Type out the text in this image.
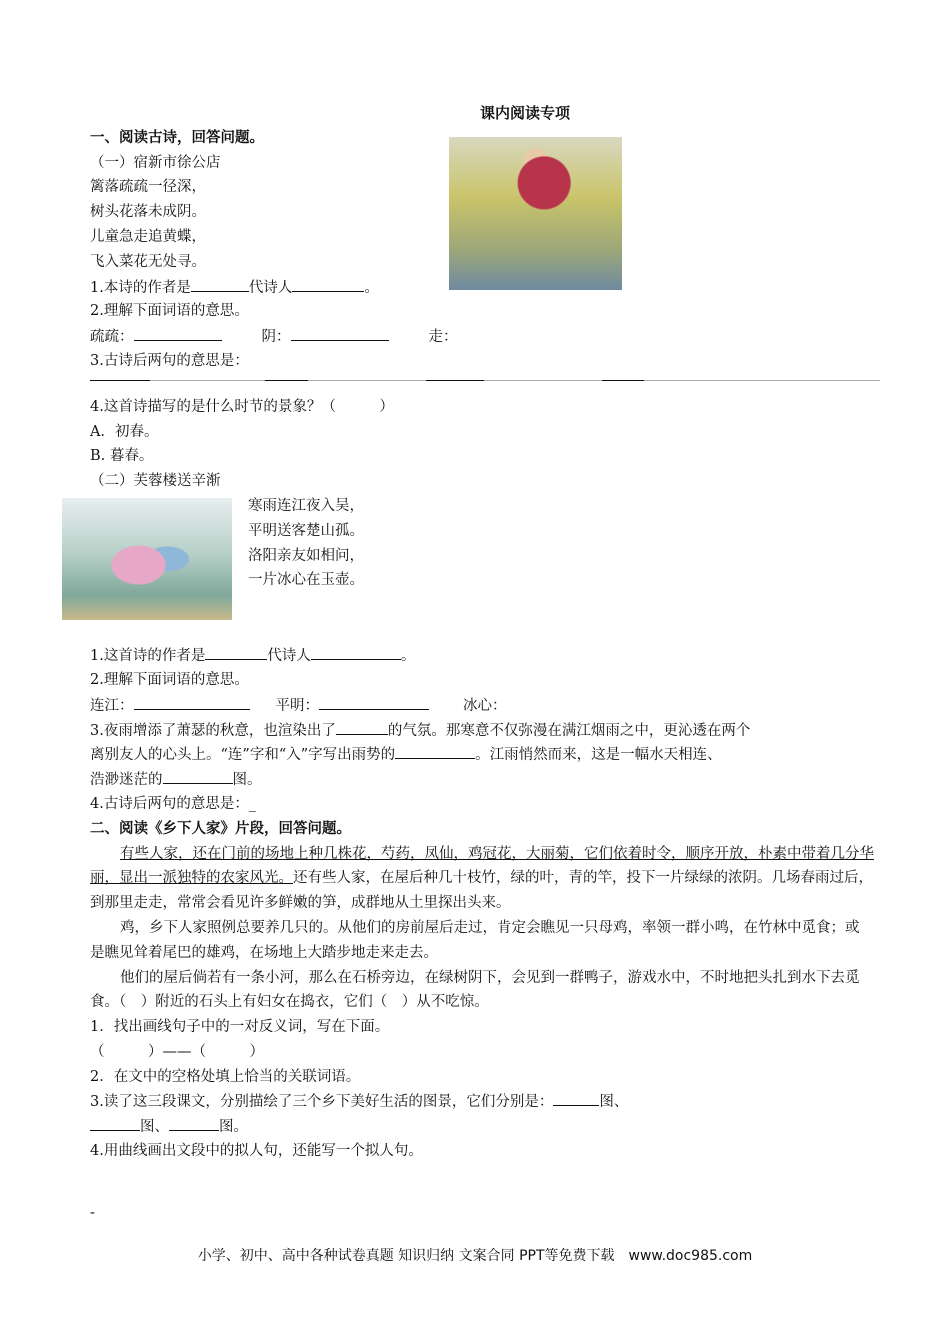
课内阅读专项
一、阅读古诗，回答问题。
（一）宿新市徐公店
篱落疏疏一径深，
树头花落未成阴。
儿童急走追黄蝶，
飞入菜花无处寻。
1.本诗的作者是	代诗人	。
2.理解下面词语的意思。
疏疏：	阴：	走：
3.古诗后两句的意思是：
4.这首诗描写的是什么时节的景象？（　　　）
A．初春。
B. 暮春。
（二）芙蓉楼送辛渐
寒雨连江夜入吴，
平明送客楚山孤。
洛阳亲友如相问，
一片冰心在玉壶。
1.这首诗的作者是	代诗人	。
2.理解下面词语的意思。
连江：	平明：	冰心：
3.夜雨增添了萧瑟的秋意，也渲染出了	的气氛。那寒意不仅弥漫在满江烟雨之中，更沁透在两个
离别友人的心头上。“连”字和“入”字写出雨势的	。江雨悄然而来，这是一幅水天相连、
浩渺迷茫的	图。
4.古诗后两句的意思是：_
二、阅读《乡下人家》片段，回答问题。
有些人家，还在门前的场地上种几株花，芍药，凤仙，鸡冠花，大丽菊，它们依着时令，顺序开放，朴素中带着几分华丽，显出一派独特的农家风光。还有些人家，在屋后种几十枝竹，绿的叶，青的竿，投下一片绿绿的浓阴。几场春雨过后，到那里走走，常常会看见许多鲜嫩的笋，成群地从土里探出头来。
鸡，乡下人家照例总要养几只的。从他们的房前屋后走过，肯定会瞧见一只母鸡，率领一群小鸣，在竹林中觅食；或是瞧见耸着尾巴的雄鸡，在场地上大踏步地走来走去。
他们的屋后倘若有一条小河，那么在石桥旁边，在绿树阴下，会见到一群鸭子，游戏水中，不时地把头扎到水下去觅食。（　）附近的石头上有妇女在捣衣，它们（　）从不吃惊。
1．找出画线句子中的一对反义词，写在下面。
（　　　）——（　　　）
2．在文中的空格处填上恰当的关联词语。
3.读了这三段课文，分别描绘了三个乡下美好生活的图景，它们分别是：	图、
图、	图。
4.用曲线画出文段中的拟人句，还能写一个拟人句。
-
小学、初中、高中各种试卷真题 知识归纳 文案合同 PPT等免费下载　www.doc985.com
